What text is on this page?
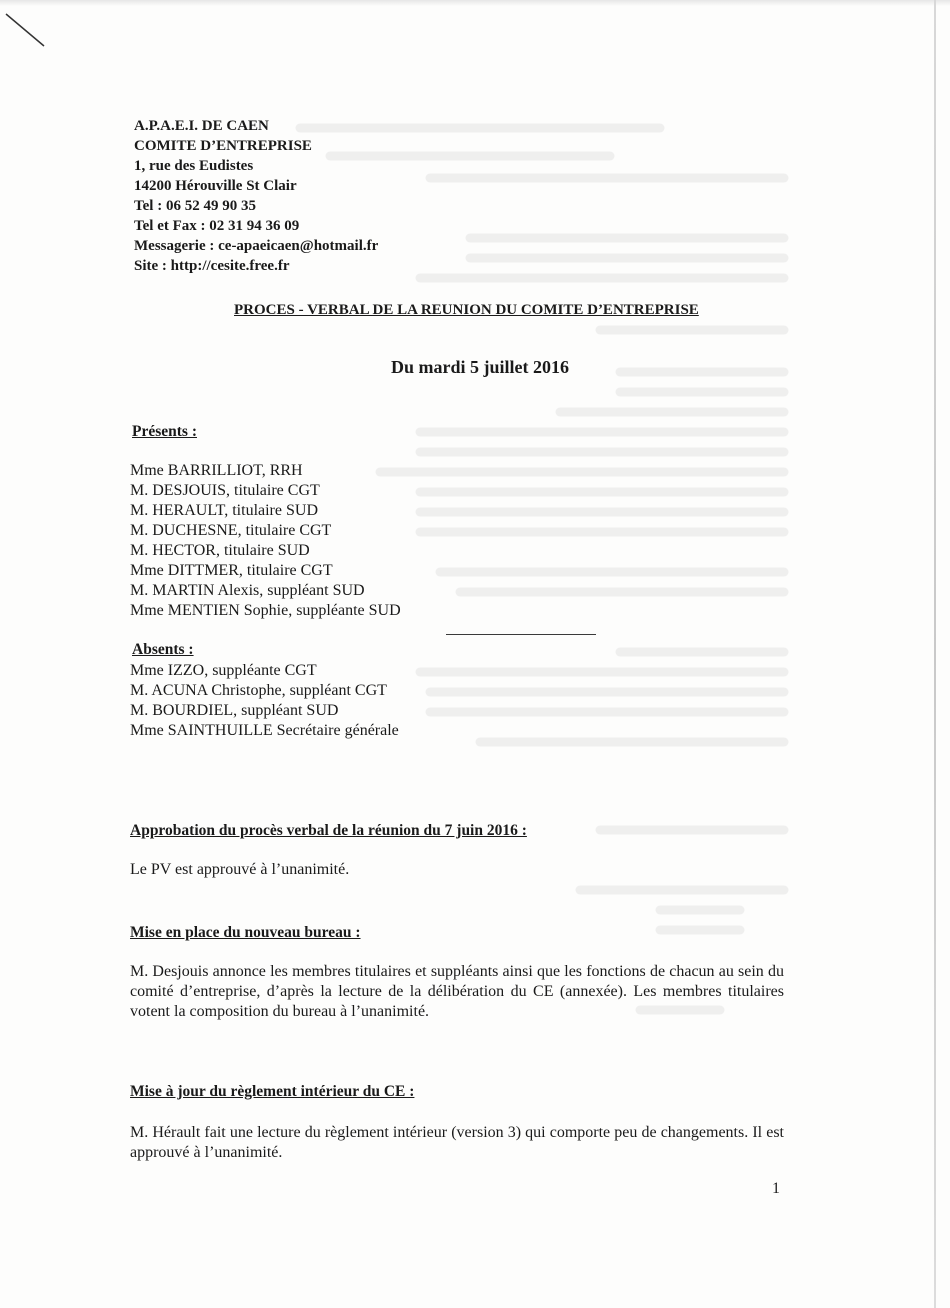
A.P.A.E.I. DE CAEN
COMITE D’ENTREPRISE
1, rue des Eudistes
14200 Hérouville St Clair
Tel : 06 52 49 90 35
Tel et Fax : 02 31 94 36 09
Messagerie : ce-apaeicaen@hotmail.fr
Site : http://cesite.free.fr
PROCES - VERBAL DE LA REUNION DU COMITE D’ENTREPRISE
Du mardi 5 juillet 2016
Présents :
Mme BARRILLIOT, RRH
M. DESJOUIS, titulaire CGT
M. HERAULT, titulaire SUD
M. DUCHESNE, titulaire CGT
M. HECTOR, titulaire SUD
Mme DITTMER, titulaire CGT
M. MARTIN Alexis, suppléant SUD
Mme MENTIEN Sophie, suppléante SUD
Absents :
Mme IZZO, suppléante CGT
M. ACUNA Christophe, suppléant CGT
M. BOURDIEL, suppléant SUD
Mme SAINTHUILLE Secrétaire générale
Approbation du procès verbal de la réunion du 7 juin 2016 :
Le PV est approuvé à l’unanimité.
Mise en place du nouveau bureau :
M. Desjouis annonce les membres titulaires et suppléants ainsi que les fonctions de chacun au sein du comité d’entreprise, d’après la lecture de la délibération du CE (annexée). Les membres titulaires votent la composition du bureau à l’unanimité.
Mise à jour du règlement intérieur du CE :
M. Hérault fait une lecture du règlement intérieur (version 3) qui comporte peu de changements. Il est approuvé à l’unanimité.
1
